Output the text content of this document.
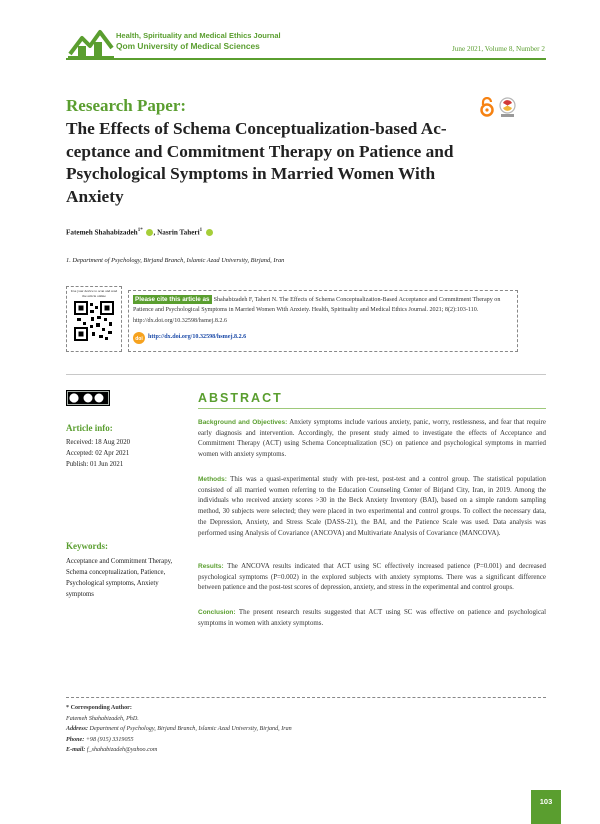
Health, Spirituality and Medical Ethics Journal
Qom University of Medical Sciences	June 2021, Volume 8, Number 2
Research Paper:
The Effects of Schema Conceptualization-based Ac-ceptance and Commitment Therapy on Patience and Psychological Symptoms in Married Women With Anxiety
Fatemeh Shahabizadeh$^{1*}$ , Nasrin Taheri$^1$
1. Department of Psychology, Birjand Branch, Islamic Azad University, Birjand, Iran
Use your device to scan and read the article online
Please cite this article as Shahabizadeh F, Taheri N. The Effects of Schema Conceptualization-Based Acceptance and Commitment Therapy on Patience and Psychological Symptoms in Married Women With Anxiety. Health, Spirituality and Medical Ethics Journal. 2021; 8(2):103-110. http://dx.doi.org/10.32598/hsmej.8.2.6
doi http://dx.doi.org/10.32598/hsmej.8.2.6
Article info:
Received: 18 Aug 2020
Accepted: 02 Apr 2021
Publish: 01 Jun 2021
Keywords:
Acceptance and Commitment Therapy, Schema conceptualization, Patience, Psychological symptoms, Anxiety symptoms
ABSTRACT
Background and Objectives: Anxiety symptoms include various anxiety, panic, worry, restlessness, and fear that require early diagnosis and intervention. Accordingly, the present study aimed to investigate the effects of Acceptance and Commitment Therapy (ACT) using Schema Conceptualization (SC) on patience and psychological symptoms in married women with anxiety symptoms.
Methods: This was a quasi-experimental study with pre-test, post-test and a control group. The statistical population consisted of all married women referring to the Education Counseling Center of Birjand City, Iran, in 2019. Among the individuals who received anxiety scores >30 in the Beck Anxiety Inventory (BAI), based on a simple random sampling method, 30 subjects were selected; they were placed in two experimental and control groups. To collect the necessary data, the Depression, Anxiety, and Stress Scale (DASS-21), the BAI, and the Patience Scale was used. Data analysis was performed using Analysis of Covariance (ANCOVA) and Multivariate Analysis of Covariance (MANCOVA).
Results: The ANCOVA results indicated that ACT using SC effectively increased patience (P=0.001) and decreased psychological symptoms (P=0.002) in the explored subjects with anxiety symptoms. There was a significant difference between patience and the post-test scores of depression, anxiety, and stress in the experimental and control groups.
Conclusion: The present research results suggested that ACT using SC was effective on patience and psychological symptoms in women with anxiety symptoms.
* Corresponding Author:
Fatemeh Shahabizadeh, PhD.
Address: Department of Psychology, Birjand Branch, Islamic Azad University, Birjand, Iran
Phone: +98 (915) 3319055
E-mail: f_shahabizadeh@yahoo.com
103
